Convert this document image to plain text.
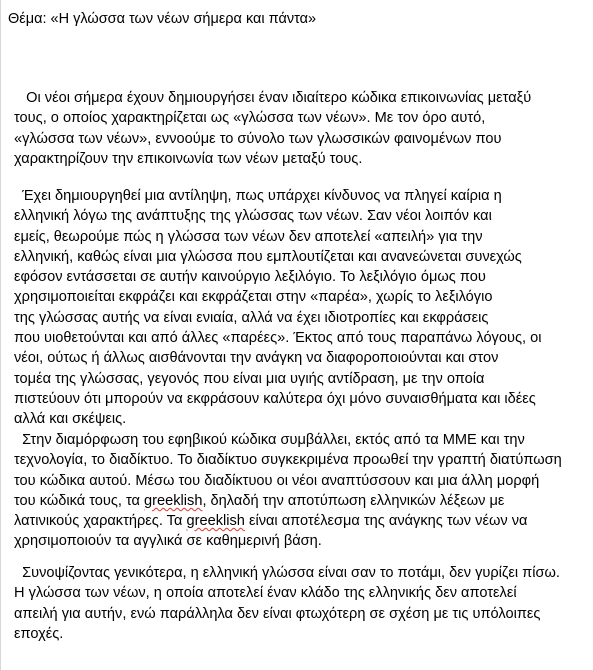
Θέμα: «Η γλώσσα των νέων σήμερα και πάντα»
Οι νέοι σήμερα έχουν δημιουργήσει έναν ιδιαίτερο κώδικα επικοινωνίας μεταξύ
τους, ο οποίος χαρακτηρίζεται ως «γλώσσα των νέων». Με τον όρο αυτό,
«γλώσσα των νέων», εννοούμε το σύνολο των γλωσσικών φαινομένων που
χαρακτηρίζουν την επικοινωνία των νέων μεταξύ τους.
Έχει δημιουργηθεί μια αντίληψη, πως υπάρχει κίνδυνος να πληγεί καίρια η
ελληνική λόγω της ανάπτυξης της γλώσσας των νέων. Σαν νέοι λοιπόν και
εμείς, θεωρούμε πώς η γλώσσα των νέων δεν αποτελεί «απειλή» για την
ελληνική, καθώς είναι μια γλώσσα που εμπλουτίζεται και ανανεώνεται συνεχώς
εφόσον εντάσσεται σε αυτήν καινούργιο λεξιλόγιο. Το λεξιλόγιο όμως που
χρησιμοποιείται εκφράζει και εκφράζεται στην «παρέα», χωρίς το λεξιλόγιο
της γλώσσας αυτής να είναι ενιαία, αλλά να έχει ιδιοτροπίες και εκφράσεις
που υιοθετούνται και από άλλες «παρέες». Έκτος από τους παραπάνω λόγους, οι
νέοι, ούτως ή άλλως αισθάνονται την ανάγκη να διαφοροποιούνται και στον
τομέα της γλώσσας, γεγονός που είναι μια υγιής αντίδραση, με την οποία
πιστεύουν ότι μπορούν να εκφράσουν καλύτερα όχι μόνο συναισθήματα και ιδέες
αλλά και σκέψεις.
Στην διαμόρφωση του εφηβικού κώδικα συμβάλλει, εκτός από τα ΜΜΕ και την
τεχνολογία, το διαδίκτυο. Το διαδίκτυο συγκεκριμένα προωθεί την γραπτή διατύπωση
του κώδικα αυτού. Μέσω του διαδίκτυου οι νέοι αναπτύσσουν και μια άλλη μορφή
του κώδικά τους, τα greeklish, δηλαδή την αποτύπωση ελληνικών λέξεων με
λατινικούς χαρακτήρες. Τα greeklish είναι αποτέλεσμα της ανάγκης των νέων να
χρησιμοποιούν τα αγγλικά σε καθημερινή βάση.
Συνοψίζοντας γενικότερα, η ελληνική γλώσσα είναι σαν το ποτάμι, δεν γυρίζει πίσω.
Η γλώσσα των νέων, η οποία αποτελεί έναν κλάδο της ελληνικής δεν αποτελεί
απειλή για αυτήν, ενώ παράλληλα δεν είναι φτωχότερη σε σχέση με τις υπόλοιπες
εποχές.
